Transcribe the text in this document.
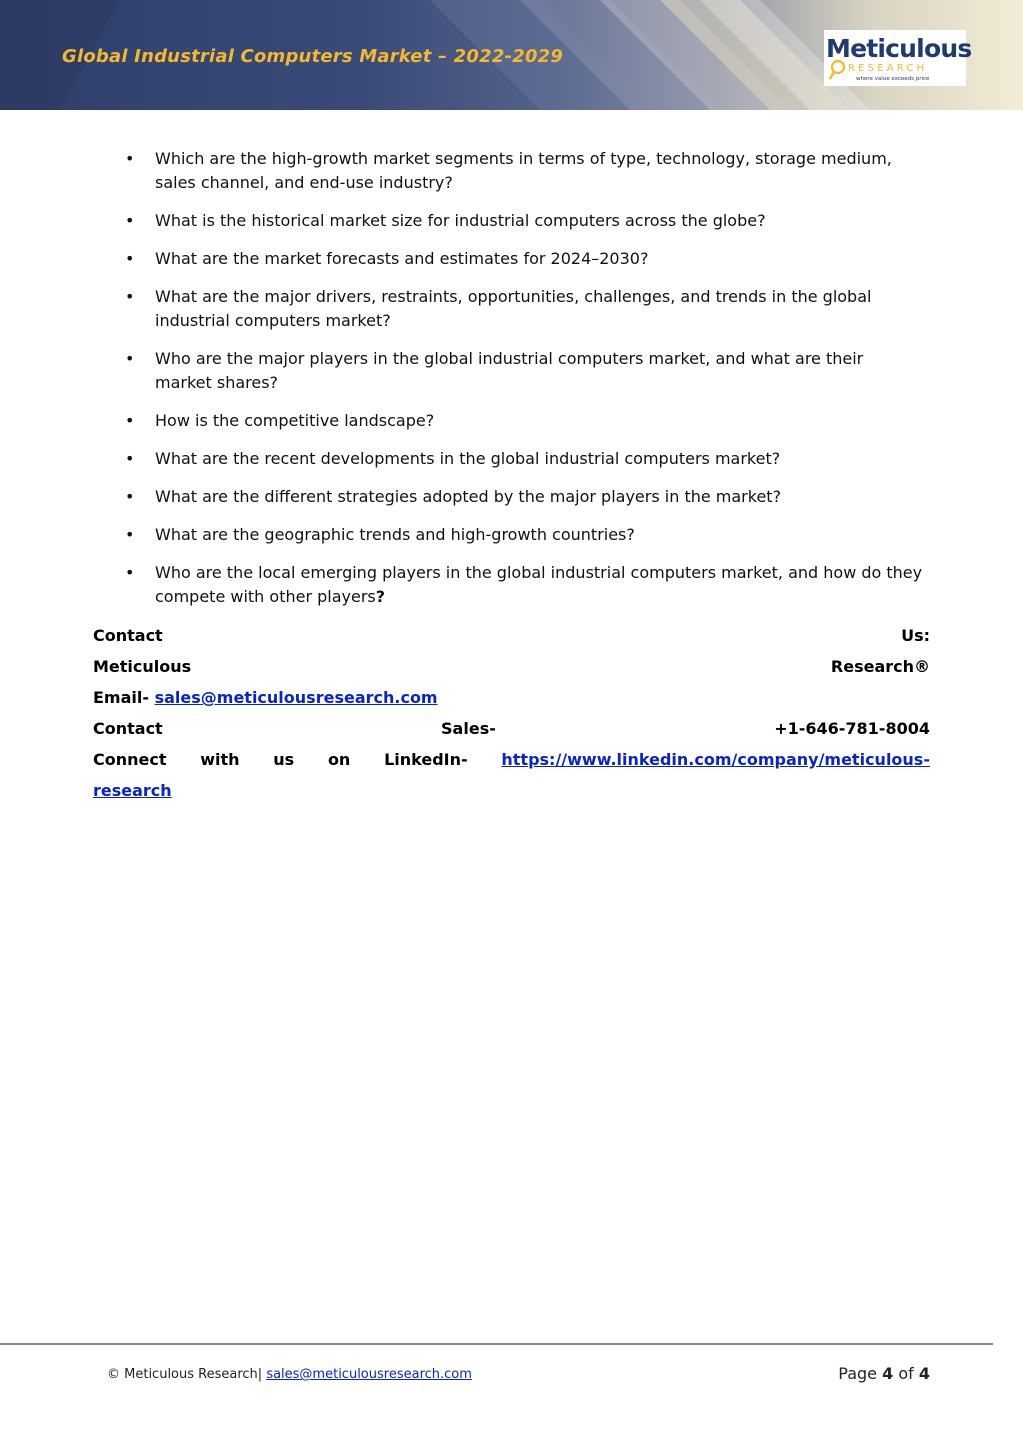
Global Industrial Computers Market – 2022-2029	Meticulous
RESEARCH
where value exceeds price
• Which are the high-growth market segments in terms of type, technology, storage medium, sales channel, and end-use industry?
• What is the historical market size for industrial computers across the globe?
• What are the market forecasts and estimates for 2024–2030?
• What are the major drivers, restraints, opportunities, challenges, and trends in the global industrial computers market?
• Who are the major players in the global industrial computers market, and what are their market shares?
• How is the competitive landscape?
• What are the recent developments in the global industrial computers market?
• What are the different strategies adopted by the major players in the market?
• What are the geographic trends and high-growth countries?
• Who are the local emerging players in the global industrial computers market, and how do they compete with other players?
Contact	Us:
Meticulous	Research®
Email-
sales@meticulousresearch.com
Contact	Sales-	+1-646-781-8004
Connect with us on LinkedIn- https://www.linkedin.com/company/meticulous-
research
© Meticulous Research| sales@meticulousresearch.com	Page 4 of 4
